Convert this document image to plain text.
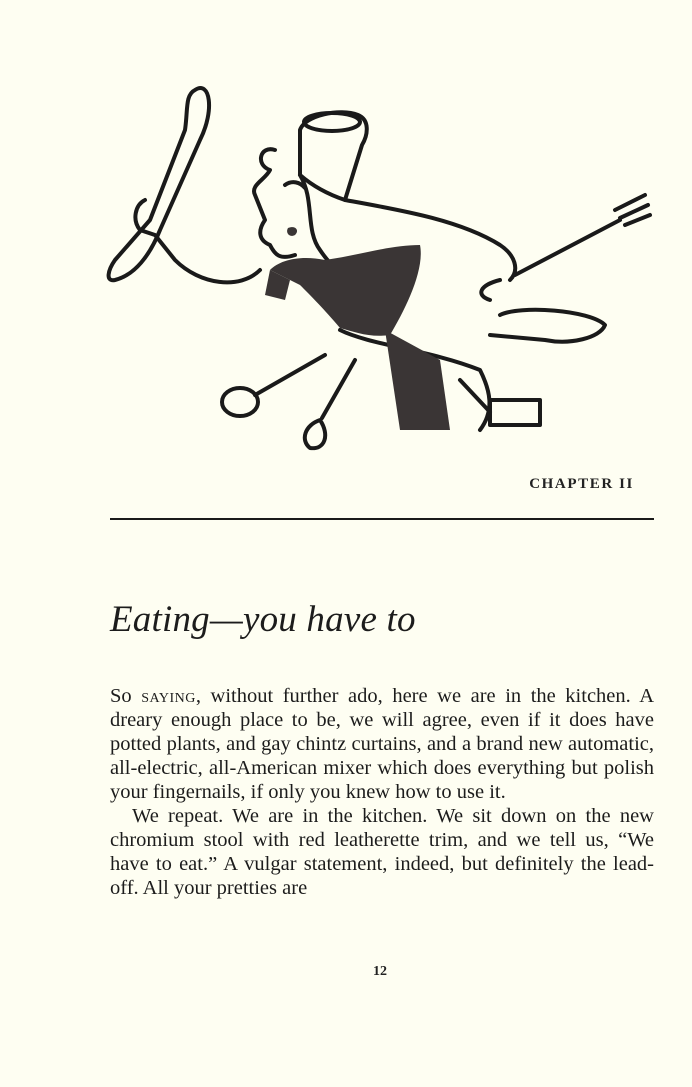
CHAPTER II
Eating—you have to

So saying, without further ado, here we are in the kitchen. A dreary enough place to be, we will agree, even if it does have potted plants, and gay chintz curtains, and a brand new automatic, all-electric, all-American mixer which does everything but polish your fingernails, if only you knew how to use it.

We repeat. We are in the kitchen. We sit down on the new chromium stool with red leatherette trim, and we tell us, “We have to eat.” A vulgar statement, indeed, but definitely the lead-off. All your pretties are

12
